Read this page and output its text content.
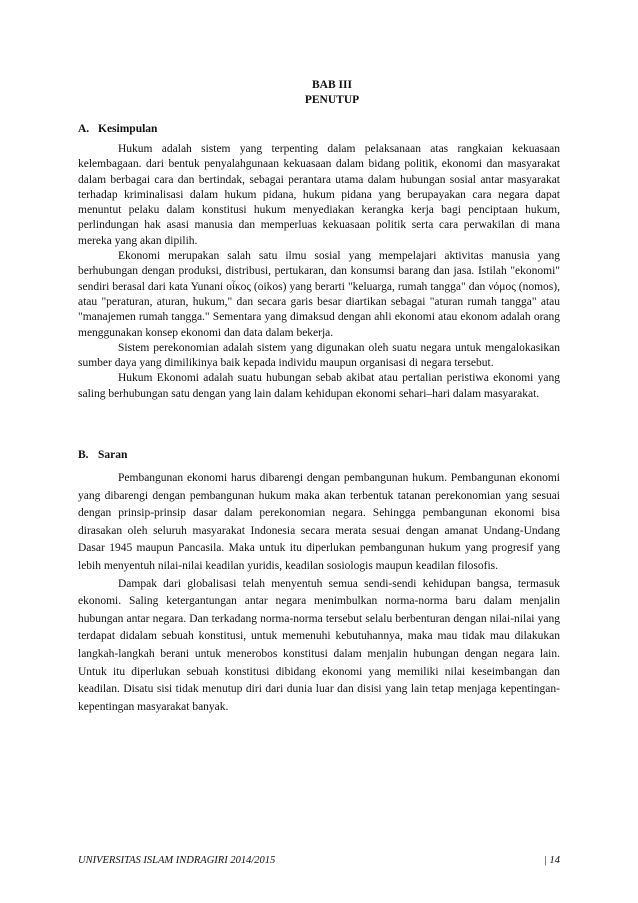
BAB III
PENUTUP
A. Kesimpulan

Hukum adalah sistem yang terpenting dalam pelaksanaan atas rangkaian kekuasaan kelembagaan. dari bentuk penyalahgunaan kekuasaan dalam bidang politik, ekonomi dan masyarakat dalam berbagai cara dan bertindak, sebagai perantara utama dalam hubungan sosial antar masyarakat terhadap kriminalisasi dalam hukum pidana, hukum pidana yang berupayakan cara negara dapat menuntut pelaku dalam konstitusi hukum menyediakan kerangka kerja bagi penciptaan hukum, perlindungan hak asasi manusia dan memperluas kekuasaan politik serta cara perwakilan di mana mereka yang akan dipilih.

Ekonomi merupakan salah satu ilmu sosial yang mempelajari aktivitas manusia yang berhubungan dengan produksi, distribusi, pertukaran, dan konsumsi barang dan jasa. Istilah "ekonomi" sendiri berasal dari kata Yunani οἶκος (oikos) yang berarti "keluarga, rumah tangga" dan νόμος (nomos), atau "peraturan, aturan, hukum," dan secara garis besar diartikan sebagai "aturan rumah tangga" atau "manajemen rumah tangga." Sementara yang dimaksud dengan ahli ekonomi atau ekonom adalah orang menggunakan konsep ekonomi dan data dalam bekerja.

Sistem perekonomian adalah sistem yang digunakan oleh suatu negara untuk mengalokasikan sumber daya yang dimilikinya baik kepada individu maupun organisasi di negara tersebut.

Hukum Ekonomi adalah suatu hubungan sebab akibat atau pertalian peristiwa ekonomi yang saling berhubungan satu dengan yang lain dalam kehidupan ekonomi sehari–hari dalam masyarakat.

B. Saran

Pembangunan ekonomi harus dibarengi dengan pembangunan hukum. Pembangunan ekonomi yang dibarengi dengan pembangunan hukum maka akan terbentuk tatanan perekonomian yang sesuai dengan prinsip-prinsip dasar dalam perekonomian negara. Sehingga pembangunan ekonomi bisa dirasakan oleh seluruh masyarakat Indonesia secara merata sesuai dengan amanat Undang-Undang Dasar 1945 maupun Pancasila. Maka untuk itu diperlukan pembangunan hukum yang progresif yang lebih menyentuh nilai-nilai keadilan yuridis, keadilan sosiologis maupun keadilan filosofis.

Dampak dari globalisasi telah menyentuh semua sendi-sendi kehidupan bangsa, termasuk ekonomi. Saling ketergantungan antar negara menimbulkan norma-norma baru dalam menjalin hubungan antar negara. Dan terkadang norma-norma tersebut selalu berbenturan dengan nilai-nilai yang terdapat didalam sebuah konstitusi, untuk memenuhi kebutuhannya, maka mau tidak mau dilakukan langkah-langkah berani untuk menerobos konstitusi dalam menjalin hubungan dengan negara lain. Untuk itu diperlukan sebuah konstitusi dibidang ekonomi yang memiliki nilai keseimbangan dan keadilan. Disatu sisi tidak menutup diri dari dunia luar dan disisi yang lain tetap menjaga kepentingan-kepentingan masyarakat banyak.

UNIVERSITAS ISLAM INDRAGIRI 2014/2015	| 14
